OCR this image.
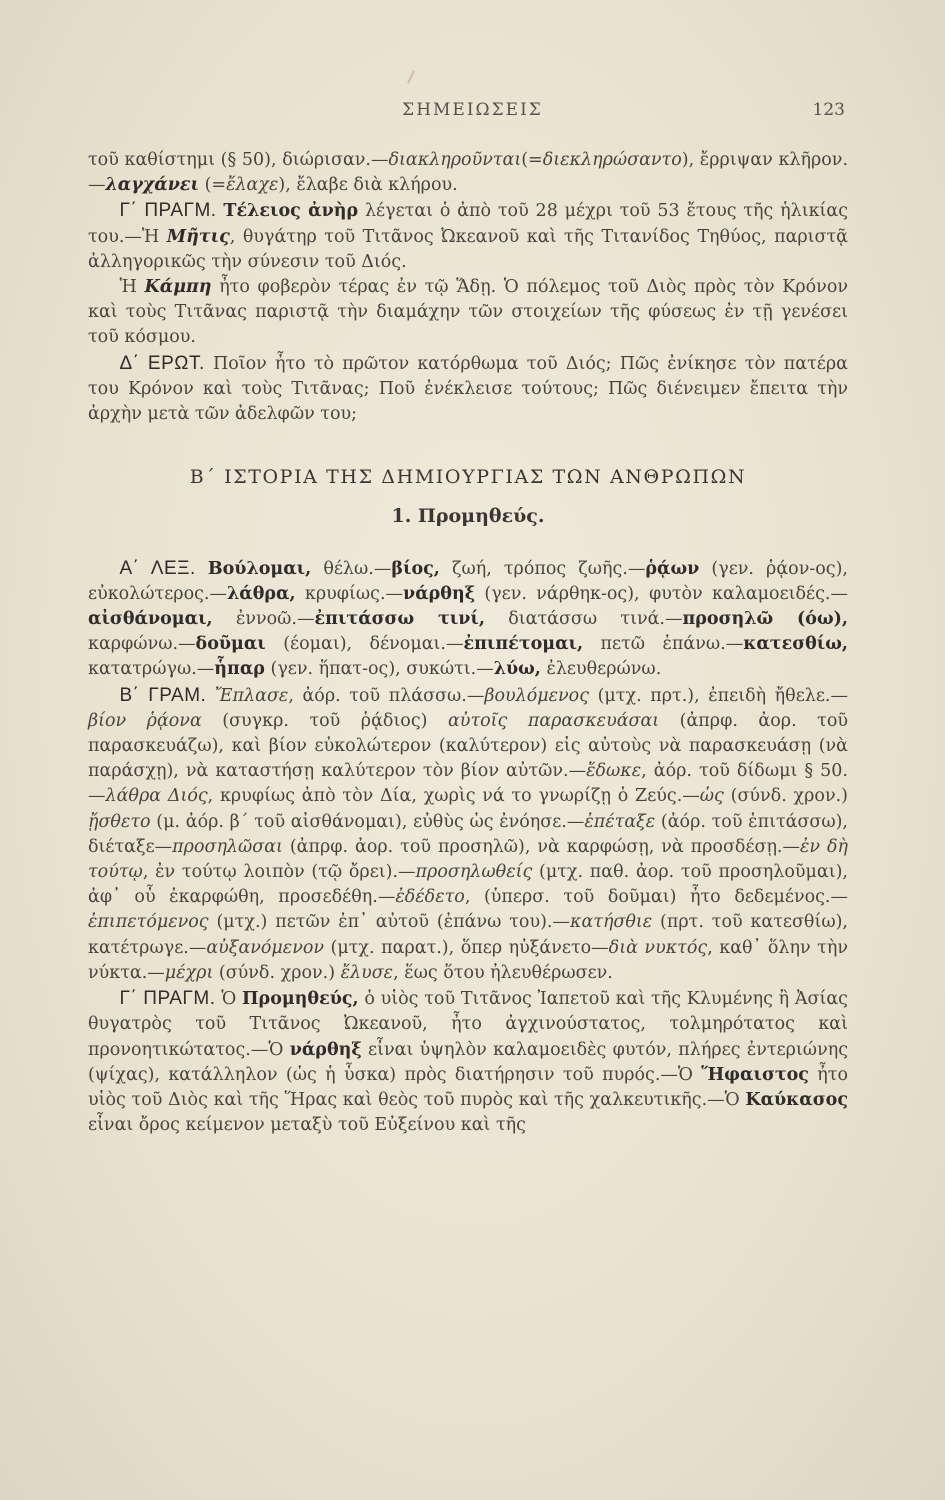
ΣΗΜΕΙΩΣΕΙΣ	123

τοῦ καθίστημι (§ 50), διώρισαν.—διακληροῦνται(=διεκληρώσαντο), ἔρριψαν κλῆρον.—λαγχάνει (=ἔλαχε), ἔλαβε διὰ κλήρου.

Γ΄ ΠΡΑΓΜ. Τέλειος ἀνὴρ λέγεται ὁ ἀπὸ τοῦ 28 μέχρι τοῦ 53 ἔτους τῆς ἡλικίας του.—Ἡ Μῆτις, θυγάτηρ τοῦ Τιτᾶνος Ὠκεανοῦ καὶ τῆς Τιτανίδος Τηθύος, παριστᾷ ἀλληγορικῶς τὴν σύνεσιν τοῦ Διός.

Ἡ Κάμπη ἦτο φοβερὸν τέρας ἐν τῷ Ἅδῃ. Ὁ πόλεμος τοῦ Διὸς πρὸς τὸν Κρόνον καὶ τοὺς Τιτᾶνας παριστᾷ τὴν διαμάχην τῶν στοιχείων τῆς φύσεως ἐν τῇ γενέσει τοῦ κόσμου.

Δ΄ ΕΡΩΤ. Ποῖον ἦτο τὸ πρῶτον κατόρθωμα τοῦ Διός; Πῶς ἐνίκησε τὸν πατέρα του Κρόνον καὶ τοὺς Τιτᾶνας; Ποῦ ἐνέκλεισε τούτους; Πῶς διένειμεν ἔπειτα τὴν ἀρχὴν μετὰ τῶν ἀδελφῶν του;

Β΄ ΙΣΤΟΡΙΑ ΤΗΣ ΔΗΜΙΟΥΡΓΙΑΣ ΤΩΝ ΑΝΘΡΩΠΩΝ
1. Προμηθεύς.

Α΄ ΛΕΞ. Βούλομαι, θέλω.—βίος, ζωή, τρόπος ζωῆς.—ῥᾴων (γεν. ῥᾴον-ος), εὐκολώτερος.—λάθρα, κρυφίως.—νάρθηξ (γεν. νάρθηκ-ος), φυτὸν καλαμοειδές.—αἰσθάνομαι, ἐννοῶ.—ἐπιτάσσω τινί, διατάσσω τινά.—προσηλῶ (όω), καρφώνω.—δοῦμαι (έομαι), δένομαι.—ἐπιπέτομαι, πετῶ ἐπάνω.—κατεσθίω, κατατρώγω.—ἧπαρ (γεν. ἥπατ-ος), συκώτι.—λύω, ἐλευθερώνω.

Β΄ ΓΡΑΜ. Ἔπλασε, ἀόρ. τοῦ πλάσσω.—βουλόμενος (μτχ. πρτ.), ἐπειδὴ ἤθελε.—βίον ῥᾴονα (συγκρ. τοῦ ῥᾴδιος) αὐτοῖς παρασκευάσαι (ἀπρφ. ἀορ. τοῦ παρασκευάζω), καὶ βίον εὐκολώτερον (καλύτερον) εἰς αὐτοὺς νὰ παρασκευάσῃ (νὰ παράσχῃ), νὰ καταστήσῃ καλύτερον τὸν βίον αὐτῶν.—ἔδωκε, ἀόρ. τοῦ δίδωμι § 50.—λάθρα Διός, κρυφίως ἀπὸ τὸν Δία, χωρὶς νά το γνωρίζῃ ὁ Ζεύς.—ὡς (σύνδ. χρον.) ᾔσθετο (μ. ἀόρ. β΄ τοῦ αἰσθάνομαι), εὐθὺς ὡς ἐνόησε.—ἐπέταξε (ἀόρ. τοῦ ἐπιτάσσω), διέταξε—προσηλῶσαι (ἀπρφ. ἀορ. τοῦ προσηλῶ), νὰ καρφώσῃ, νὰ προσδέσῃ.—ἐν δὴ τούτῳ, ἐν τούτῳ λοιπὸν (τῷ ὄρει).—προσηλωθείς (μτχ. παθ. ἀορ. τοῦ προσηλοῦμαι), ἀφ᾽ οὗ ἐκαρφώθη, προσεδέθη.—ἐδέδετο, (ὑπερσ. τοῦ δοῦμαι) ἦτο δεδεμένος.—ἐπιπετόμενος (μτχ.) πετῶν ἐπ᾽ αὐτοῦ (ἐπάνω του).—κατήσθιε (πρτ. τοῦ κατεσθίω), κατέτρωγε.—αὐξανόμενον (μτχ. παρατ.), ὅπερ ηὐξάνετο—διὰ νυκτός, καθ᾽ ὅλην τὴν νύκτα.—μέχρι (σύνδ. χρον.) ἔλυσε, ἕως ὅτου ἠλευθέρωσεν.

Γ΄ ΠΡΑΓΜ. Ὁ Προμηθεύς, ὁ υἱὸς τοῦ Τιτᾶνος Ἰαπετοῦ καὶ τῆς Κλυμένης ἢ Ἀσίας θυγατρὸς τοῦ Τιτᾶνος Ὠκεανοῦ, ἦτο ἀγχινούστατος, τολμηρότατος καὶ προνοητικώτατος.—Ὁ νάρθηξ εἶναι ὑψηλὸν καλαμοειδὲς φυτόν, πλήρες ἐντεριώνης (ψίχας), κατάλληλον (ὡς ἡ ὗσκα) πρὸς διατήρησιν τοῦ πυρός.—Ὁ Ἥφαιστος ἦτο υἱὸς τοῦ Διὸς καὶ τῆς Ἥρας καὶ θεὸς τοῦ πυρὸς καὶ τῆς χαλκευτικῆς.—Ὁ Καύκασος εἶναι ὄρος κείμενον μεταξὺ τοῦ Εὐξείνου καὶ τῆς
